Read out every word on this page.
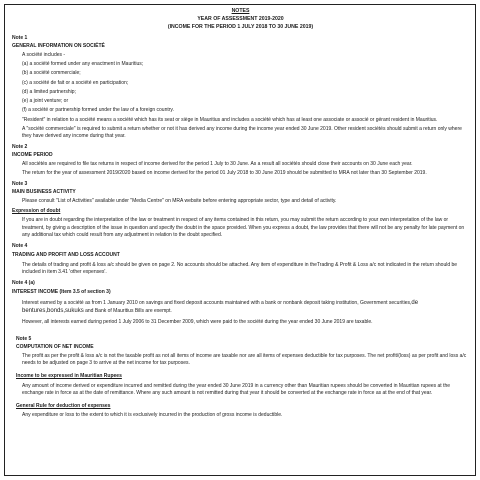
NOTES
YEAR OF ASSESSMENT 2019-2020
(INCOME FOR THE PERIOD 1 JULY 2018 TO 30 JUNE 2019)
Note 1
GENERAL INFORMATION ON SOCIÉTÉ
A société includes -
(a) a société formed under any enactment in Mauritius;
(b) a société commerciale;
(c) a société de fait or a société en participation;
(d) a limited partnership;
(e) a joint venture; or
(f) a société or partnership formed under the law of a foreign country.
"Resident" in relation to a société means a société which has its seat or siège in Mauritius and includes a société which has at least one associate or associé or gérant resident in Mauritius.
A "société commerciale" is required to submit a return whether or not it has derived any income during the income year ended 30 June 2019. Other resident sociétés should submit a return only where they have derived any income during that year.
Note 2
INCOME PERIOD
All sociétés are required to file tax returns in respect of income derived for the period 1 July to 30 June. As a result all sociétés should close their accounts on 30 June each year.
The return for the year of assessment 2019/2020 based on income derived for the period 01 July 2018 to 30 June 2019 should be submitted to MRA not later than 30 September 2019.
Note 3
MAIN BUSINESS ACTIVITY
Please consult "List of Activities" available under "Media Centre" on MRA website before entering appropriate sector, type and detail of activity.
Expression of doubt
If you are in doubt regarding the interpretation of the law or treatment in respect of any items contained in this return, you may submit the return according to your own interpretation of the law or treatment, by giving a description of the issue in question and specify the doubt in the space provided. When you express a doubt, the law provides that there will not be any penalty for late payment on any additional tax which could result from any adjustment in relation to the doubt specified.
Note 4
TRADING AND PROFIT AND LOSS ACCOUNT
The details of trading and profit & loss a/c should be given on page 2. No accounts should be attached. Any item of expenditure in theTrading & Profit & Loss a/c not indicated in the return should be included in item 3.41 'other expenses'.
Note 4 (a)
INTEREST INCOME (Item 3.5 of section 3)
Interest earned by a société as from 1 January 2010 on savings and fixed deposit accounts maintained with a bank or nonbank deposit taking institution, Government securities,de
bentures,bonds,sukuks and Bank of Mauritius Bills are exempt.
However, all interests earned during period 1 July 2006 to 31 December 2009, which were paid to the société during the year ended 30 June 2019 are taxable.
Note 5
COMPUTATION OF NET INCOME
The profit as per the profit & loss a/c is not the taxable profit as not all items of income are taxable nor are all items of expenses deductible for tax purposes. The net profit/(loss) as per profit and loss a/c needs to be adjusted on page 3 to arrive at the net income for tax purposes.
Income to be expressed in Mauritian Rupees
Any amount of income derived or expenditure incurred and remitted during the year ended 30 June 2019 in a currency other than Mauritian rupees should be converted in Mauritian rupees at the exchange rate in force as at the date of remittance. Where any such amount is not remitted during that year it should be converted at the exchange rate in force as at the end of that year.
General Rule for deduction of expenses
Any expenditure or loss to the extent to which it is exclusively incurred in the production of gross income is deductible.
